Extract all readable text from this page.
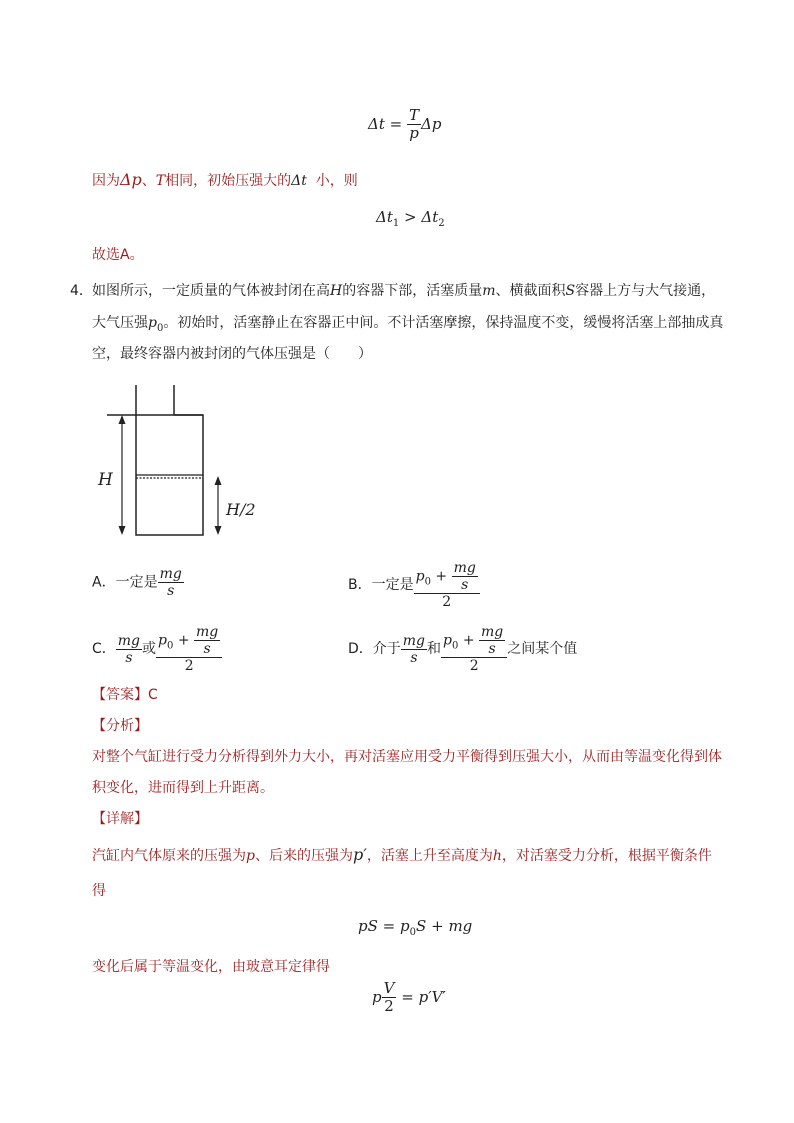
$\Delta t = \frac{T}{p}$ Δp
因为Δp、T相同，初始压强大的Δt 小，则
$\Delta t_1 > \Delta t_2$
故选A。
4． 如图所示，一定质量的气体被封闭在高H的容器下部，活塞质量m、横截面积S容器上方与大气接通，
大气压强$p_0$。初始时，活塞静止在容器正中间。不计活塞摩擦，保持温度不变，缓慢将活塞上部抽成真
空，最终容器内被封闭的气体压强是（　　）
H
H/2
A．一定是 $\frac{mg}{s}$	B．一定是 $\frac{p_0 + \frac{mg}{s}}{2}$
C． $\frac{mg}{s}$ 或 $\frac{p_0 + \frac{mg}{s}}{2}$	D．介于 $\frac{mg}{s}$ 和 $\frac{p_0 + \frac{mg}{s}}{2}$ 之间某个值
【答案】C
【分析】
对整个气缸进行受力分析得到外力大小，再对活塞应用受力平衡得到压强大小，从而由等温变化得到体
积变化，进而得到上升距离。
【详解】
汽缸内气体原来的压强为p、后来的压强为p′，活塞上升至高度为h，对活塞受力分析，根据平衡条件
得
pS = $p_0S$ + mg
变化后属于等温变化，由玻意耳定律得
p $\frac{V}{2} = p'V'$
